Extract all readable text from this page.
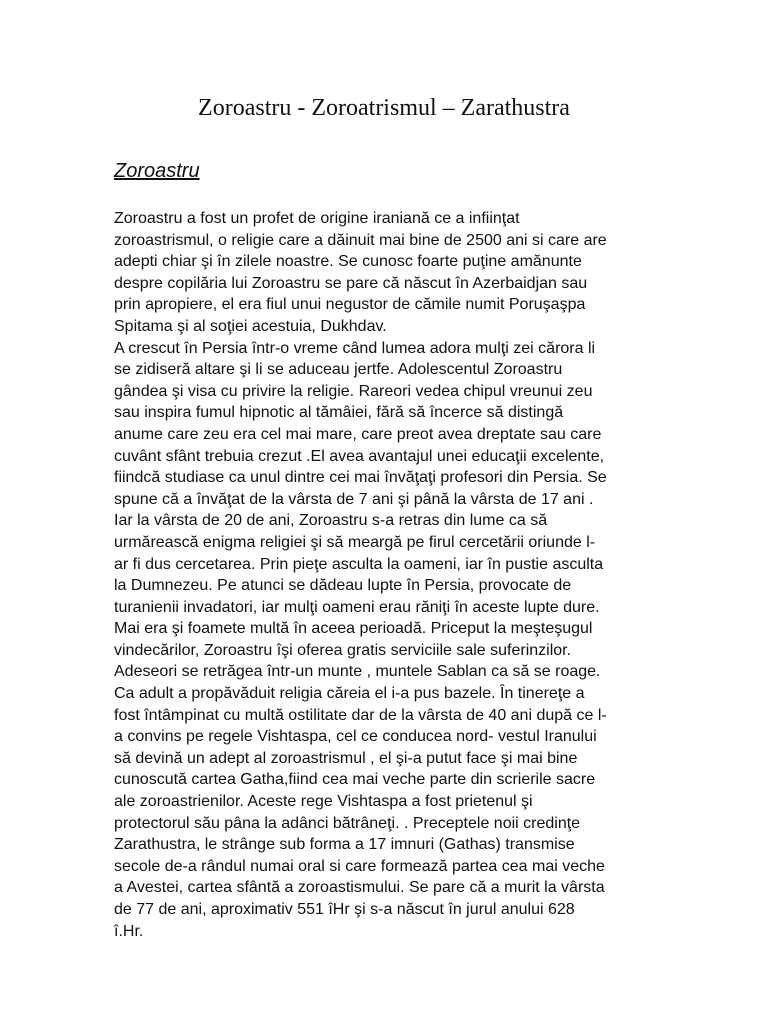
Zoroastru - Zoroatrismul – Zarathustra
Zoroastru
Zoroastru a fost un profet de origine iraniană ce a infiinţat
zoroastrismul, o religie care a dăinuit mai bine de 2500 ani si care are
adepti chiar şi în zilele noastre. Se cunosc foarte puţine amănunte
despre copilăria lui Zoroastru se pare că născut în Azerbaidjan sau
prin apropiere, el era fiul unui negustor de cămile numit Poruşaşpa
Spitama şi al soţiei acestuia, Dukhdav.
A crescut în Persia într-o vreme când lumea adora mulţi zei cărora li
se zidiseră altare şi li se aduceau jertfe. Adolescentul Zoroastru
gândea şi visa cu privire la religie. Rareori vedea chipul vreunui zeu
sau inspira fumul hipnotic al tămâiei, fără să încerce să distingă
anume care zeu era cel mai mare, care preot avea dreptate sau care
cuvânt sfânt trebuia crezut .El avea avantajul unei educaţii excelente,
fiindcă studiase ca unul dintre cei mai învăţaţi profesori din Persia. Se
spune că a învăţat de la vârsta de 7 ani şi până la vârsta de 17 ani .
Iar la vârsta de 20 de ani, Zoroastru s-a retras din lume ca să
urmărească enigma religiei şi să meargă pe firul cercetării oriunde l-
ar fi dus cercetarea. Prin pieţe asculta la oameni, iar în pustie asculta
la Dumnezeu. Pe atunci se dădeau lupte în Persia, provocate de
turanienii invadatori, iar mulţi oameni erau răniţi în aceste lupte dure.
Mai era şi foamete multă în aceea perioadă. Priceput la meşteşugul
vindecărilor, Zoroastru îşi oferea gratis serviciile sale suferinzilor.
Adeseori se retrăgea într-un munte , muntele Sablan ca să se roage.
Ca adult a propăvăduit religia căreia el i-a pus bazele. În tinereţe a
fost întâmpinat cu multă ostilitate dar de la vârsta de 40 ani după ce l-
a convins pe regele Vishtaspa, cel ce conducea nord- vestul Iranului
să devină un adept al zoroastrismul , el şi-a putut face şi mai bine
cunoscută cartea Gatha,fiind cea mai veche parte din scrierile sacre
ale zoroastrienilor. Aceste rege Vishtaspa a fost prietenul şi
protectorul său pâna la adânci bătrâneţi. . Preceptele noii credinţe
Zarathustra, le strânge sub forma a 17 imnuri (Gathas) transmise
secole de-a rândul numai oral si care formează partea cea mai veche
a Avestei, cartea sfântă a zoroastismului. Se pare că a murit la vârsta
de 77 de ani, aproximativ 551 îHr şi s-a născut în jurul anului 628
î.Hr.
